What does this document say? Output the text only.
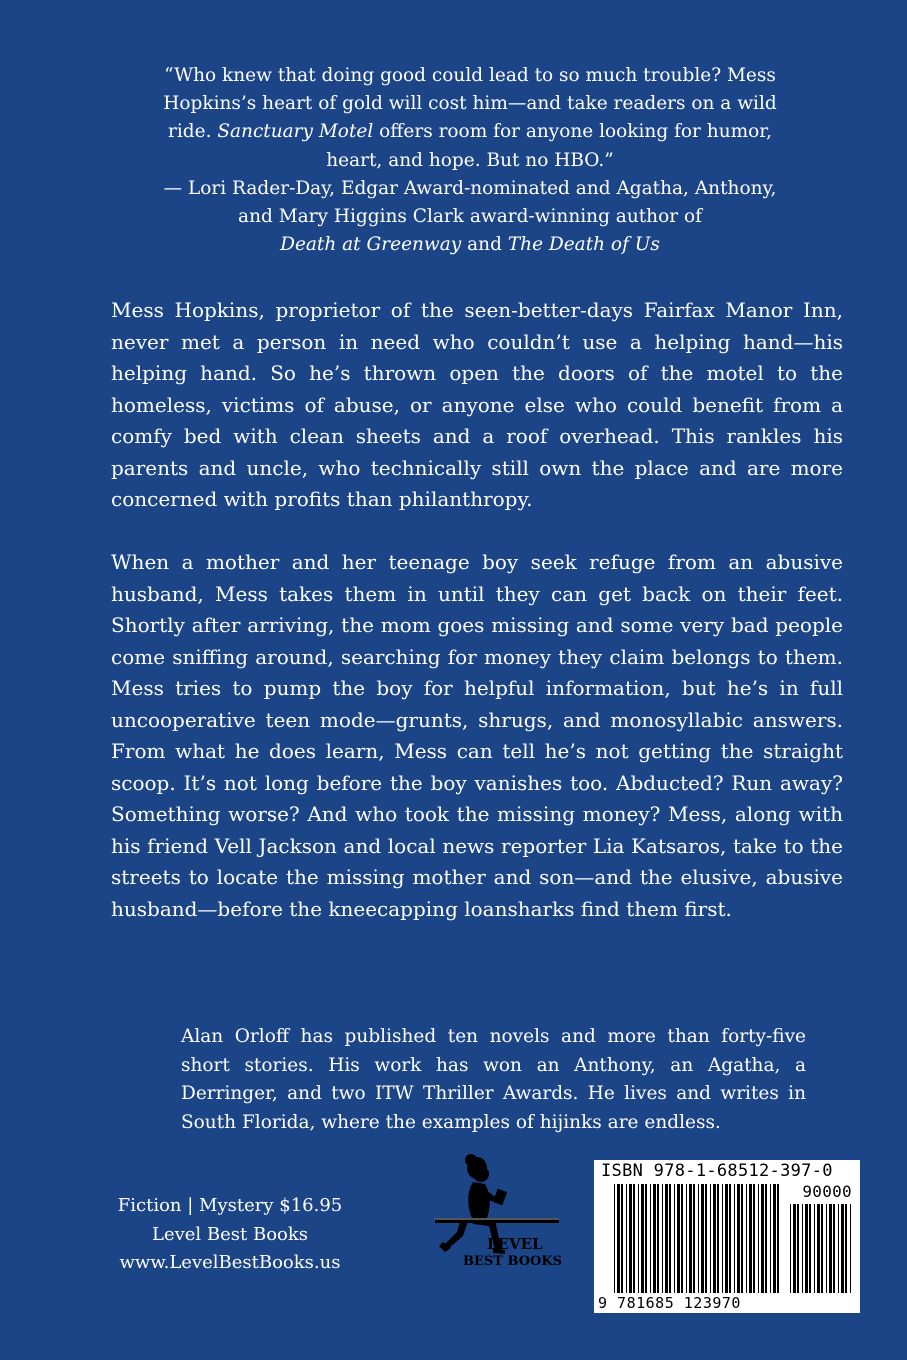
“Who knew that doing good could lead to so much trouble? Mess Hopkins’s heart of gold will cost him—and take readers on a wild ride. Sanctuary Motel offers room for anyone looking for humor, heart, and hope. But no HBO.”

— Lori Rader-Day, Edgar Award-nominated and Agatha, Anthony,
and Mary Higgins Clark award-winning author of
Death at Greenway and The Death of Us

Mess Hopkins, proprietor of the seen-better-days Fairfax Manor Inn, never met a person in need who couldn’t use a helping hand—his helping hand. So he’s thrown open the doors of the motel to the homeless, victims of abuse, or anyone else who could benefit from a comfy bed with clean sheets and a roof overhead. This rankles his parents and uncle, who technically still own the place and are more concerned with profits than philanthropy.

When a mother and her teenage boy seek refuge from an abusive husband, Mess takes them in until they can get back on their feet. Shortly after arriving, the mom goes missing and some very bad people come sniffing around, searching for money they claim belongs to them. Mess tries to pump the boy for helpful information, but he’s in full uncooperative teen mode—grunts, shrugs, and monosyllabic answers. From what he does learn, Mess can tell he’s not getting the straight scoop. It’s not long before the boy vanishes too. Abducted? Run away? Something worse? And who took the missing money? Mess, along with his friend Vell Jackson and local news reporter Lia Katsaros, take to the streets to locate the missing mother and son—and the elusive, abusive husband—before the kneecapping loansharks find them first.

Alan Orloff has published ten novels and more than forty-five short stories. His work has won an Anthony, an Agatha, a Derringer, and two ITW Thriller Awards. He lives and writes in South Florida, where the examples of hijinks are endless.

Fiction | Mystery $16.95
Level Best Books
www.LevelBestBooks.us
LEVEL
BEST BOOKS
ISBN 978-1-68512-397-0
90000
9 781685 123970
